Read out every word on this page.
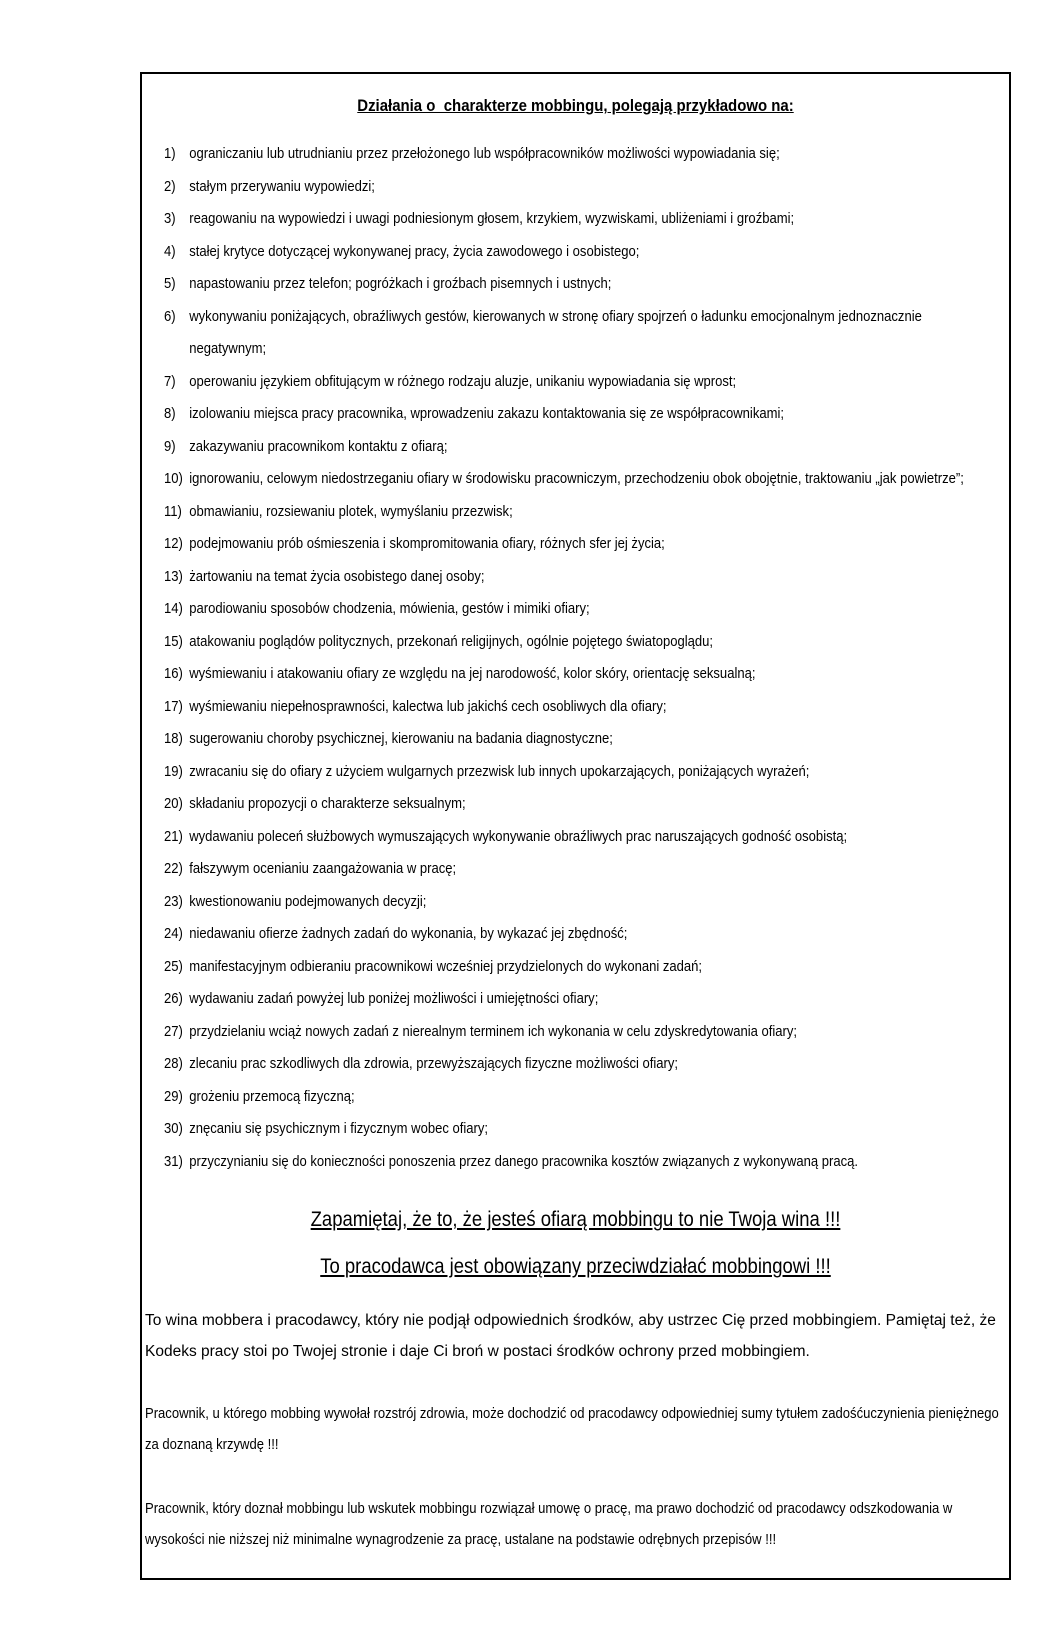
Działania o  charakterze mobbingu, polegają przykładowo na:
1) ograniczaniu lub utrudnianiu przez przełożonego lub współpracowników możliwości wypowiadania się;
2) stałym przerywaniu wypowiedzi;
3) reagowaniu na wypowiedzi i uwagi podniesionym głosem, krzykiem, wyzwiskami, ubliżeniami i groźbami;
4) stałej krytyce dotyczącej wykonywanej pracy, życia zawodowego i osobistego;
5) napastowaniu przez telefon; pogróżkach i groźbach pisemnych i ustnych;
6) wykonywaniu poniżających, obraźliwych gestów, kierowanych w stronę ofiary spojrzeń o ładunku emocjonalnym jednoznacznie negatywnym;
7) operowaniu językiem obfitującym w różnego rodzaju aluzje, unikaniu wypowiadania się wprost;
8) izolowaniu miejsca pracy pracownika, wprowadzeniu zakazu kontaktowania się ze współpracownikami;
9) zakazywaniu pracownikom kontaktu z ofiarą;
10) ignorowaniu, celowym niedostrzeganiu ofiary w środowisku pracowniczym, przechodzeniu obok obojętnie, traktowaniu „jak powietrze”;
11) obmawianiu, rozsiewaniu plotek, wymyślaniu przezwisk;
12) podejmowaniu prób ośmieszenia i skompromitowania ofiary, różnych sfer jej życia;
13) żartowaniu na temat życia osobistego danej osoby;
14) parodiowaniu sposobów chodzenia, mówienia, gestów i mimiki ofiary;
15) atakowaniu poglądów politycznych, przekonań religijnych, ogólnie pojętego światopoglądu;
16) wyśmiewaniu i atakowaniu ofiary ze względu na jej narodowość, kolor skóry, orientację seksualną;
17) wyśmiewaniu niepełnosprawności, kalectwa lub jakichś cech osobliwych dla ofiary;
18) sugerowaniu choroby psychicznej, kierowaniu na badania diagnostyczne;
19) zwracaniu się do ofiary z użyciem wulgarnych przezwisk lub innych upokarzających, poniżających wyrażeń;
20) składaniu propozycji o charakterze seksualnym;
21) wydawaniu poleceń służbowych wymuszających wykonywanie obraźliwych prac naruszających godność osobistą;
22) fałszywym ocenianiu zaangażowania w pracę;
23) kwestionowaniu podejmowanych decyzji;
24) niedawaniu ofierze żadnych zadań do wykonania, by wykazać jej zbędność;
25) manifestacyjnym odbieraniu pracownikowi wcześniej przydzielonych do wykonani zadań;
26) wydawaniu zadań powyżej lub poniżej możliwości i umiejętności ofiary;
27) przydzielaniu wciąż nowych zadań z nierealnym terminem ich wykonania w celu zdyskredytowania ofiary;
28) zlecaniu prac szkodliwych dla zdrowia, przewyższających fizyczne możliwości ofiary;
29) grożeniu przemocą fizyczną;
30) znęcaniu się psychicznym i fizycznym wobec ofiary;
31) przyczynianiu się do konieczności ponoszenia przez danego pracownika kosztów związanych z wykonywaną pracą.
Zapamiętaj, że to, że jesteś ofiarą mobbingu to nie Twoja wina !!!
To pracodawca jest obowiązany przeciwdziałać mobbingowi !!!

To wina mobbera i pracodawcy, który nie podjął odpowiednich środków, aby ustrzec Cię przed mobbingiem. Pamiętaj też, że Kodeks pracy stoi po Twojej stronie i daje Ci broń w postaci środków ochrony przed mobbingiem.

Pracownik, u którego mobbing wywołał rozstrój zdrowia, może dochodzić od pracodawcy odpowiedniej sumy tytułem zadośćuczynienia pieniężnego za doznaną krzywdę !!!

Pracownik, który doznał mobbingu lub wskutek mobbingu rozwiązał umowę o pracę, ma prawo dochodzić od pracodawcy odszkodowania w wysokości nie niższej niż minimalne wynagrodzenie za pracę, ustalane na podstawie odrębnych przepisów !!!
